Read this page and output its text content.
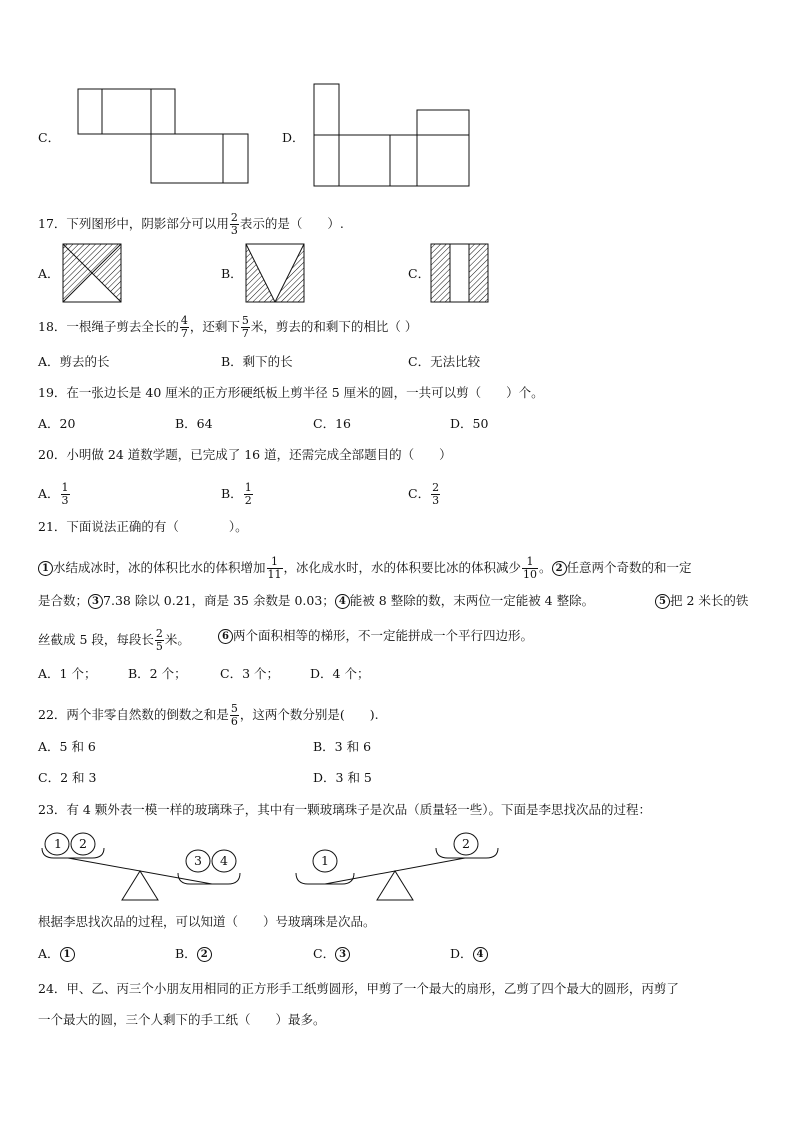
C．	D．
17．下列图形中，阴影部分可以用 $\frac{2}{3}$ 表示的是（　　）.
A．	B．	C．
18．一根绳子剪去全长的 $\frac{4}{7}$ ，还剩下 $\frac{5}{7}$ 米，剪去的和剩下的相比（ ）
A．剪去的长	B．剩下的长	C．无法比较
19．在一张边长是 40 厘米的正方形硬纸板上剪半径 5 厘米的圆，一共可以剪（　　）个。
A．20	B．64	C．16	D．50
20．小明做 24 道数学题，已完成了 16 道，还需完成全部题目的（　　）
A． $\frac{1}{3}$	B． $\frac{1}{2}$	C． $\frac{2}{3}$
21．下面说法正确的有（　　　　）。
1 水结成冰时，冰的体积比水的体积增加 $\frac{1}{11}$ ，冰化成水时，水的体积要比冰的体积减少 $\frac{1}{10}$ 。 2 任意两个奇数的和一定
是合数； 3 7.38 除以 0.21，商是 35 余数是 0.03； 4 能被 8 整除的数，末两位一定能被 4 整除。	5 把 2 米长的铁
丝截成 5 段，每段长 $\frac{2}{5}$ 米。	6 两个面积相等的梯形，不一定能拼成一个平行四边形。
A．1 个；	B．2 个；	C．3 个； D．4 个；
22．两个非零自然数的倒数之和是 $\frac{5}{6}$ ，这两个数分别是(　　).
A．5 和 6	B．3 和 6
C．2 和 3	D．3 和 5
23．有 4 颗外表一模一样的玻璃珠子，其中有一颗玻璃珠子是次品（质量轻一些）。下面是李思找次品的过程：
1 2
3 4	1
2
根据李思找次品的过程，可以知道（　　）号玻璃珠是次品。
A． 1	B． 2	C． 3	D． 4
24．甲、乙、丙三个小朋友用相同的正方形手工纸剪圆形，甲剪了一个最大的扇形，乙剪了四个最大的圆形，丙剪了
一个最大的圆，三个人剩下的手工纸（　　）最多。
